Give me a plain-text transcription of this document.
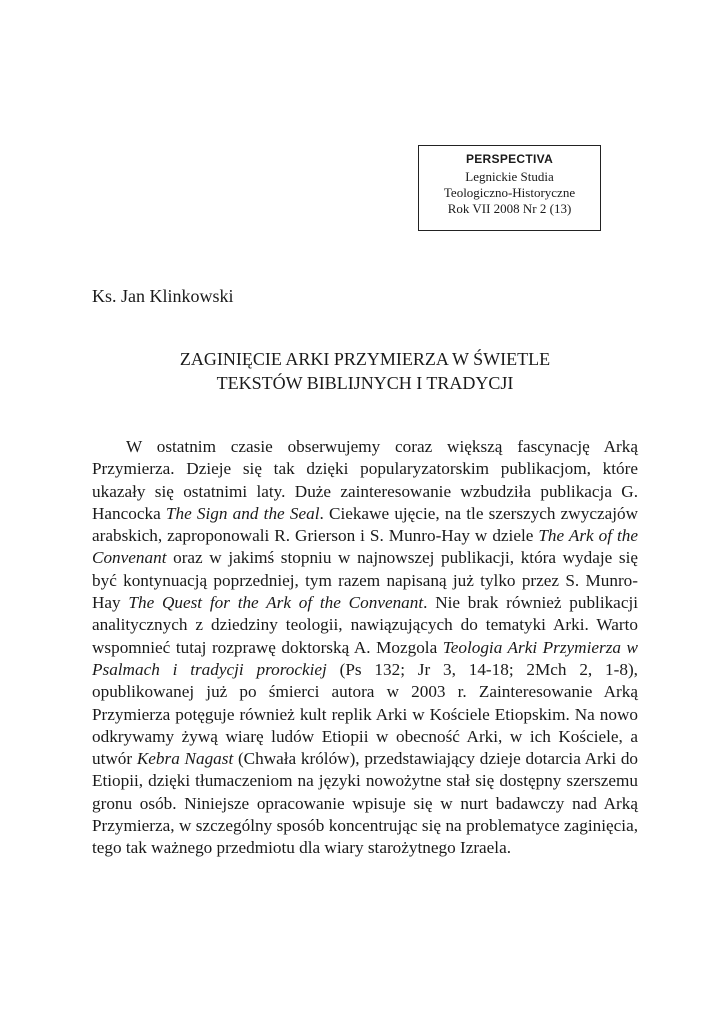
PERSPECTIVA
Legnickie Studia
Teologiczno-Historyczne
Rok VII 2008 Nr 2 (13)
Ks. Jan Klinkowski
ZAGINIĘCIE ARKI PRZYMIERZA W ŚWIETLE
TEKSTÓW BIBLIJNYCH I TRADYCJI

W ostatnim czasie obserwujemy coraz większą fascynację Arką Przymierza. Dzieje się tak dzięki popularyzatorskim publikacjom, które ukazały się ostatnimi laty. Duże zainteresowanie wzbudziła publikacja G. Hancocka The Sign and the Seal. Ciekawe ujęcie, na tle szerszych zwyczajów arabskich, zaproponowali R. Grierson i S. Munro-Hay w dziele The Ark of the Convenant oraz w jakimś stopniu w najnowszej publikacji, która wydaje się być kontynuacją poprzedniej, tym razem napisaną już tylko przez S. Munro-Hay The Quest for the Ark of the Convenant. Nie brak również publikacji analitycznych z dziedziny teologii, nawiązujących do tematyki Arki. Warto wspomnieć tutaj rozprawę doktorską A. Mozgola Teologia Arki Przymierza w Psalmach i tradycji prorockiej (Ps 132; Jr 3, 14-18; 2Mch 2, 1-8), opublikowanej już po śmierci autora w 2003 r. Zainteresowanie Arką Przymierza potęguje również kult replik Arki w Kościele Etiopskim. Na nowo odkrywamy żywą wiarę ludów Etiopii w obecność Arki, w ich Kościele, a utwór Kebra Nagast (Chwała królów), przedstawiający dzieje dotarcia Arki do Etiopii, dzięki tłumaczeniom na języki nowożytne stał się dostępny szerszemu gronu osób. Niniejsze opracowanie wpisuje się w nurt badawczy nad Arką Przymierza, w szczególny sposób koncentrując się na problematyce zaginięcia, tego tak ważnego przedmiotu dla wiary starożytnego Izraela.
